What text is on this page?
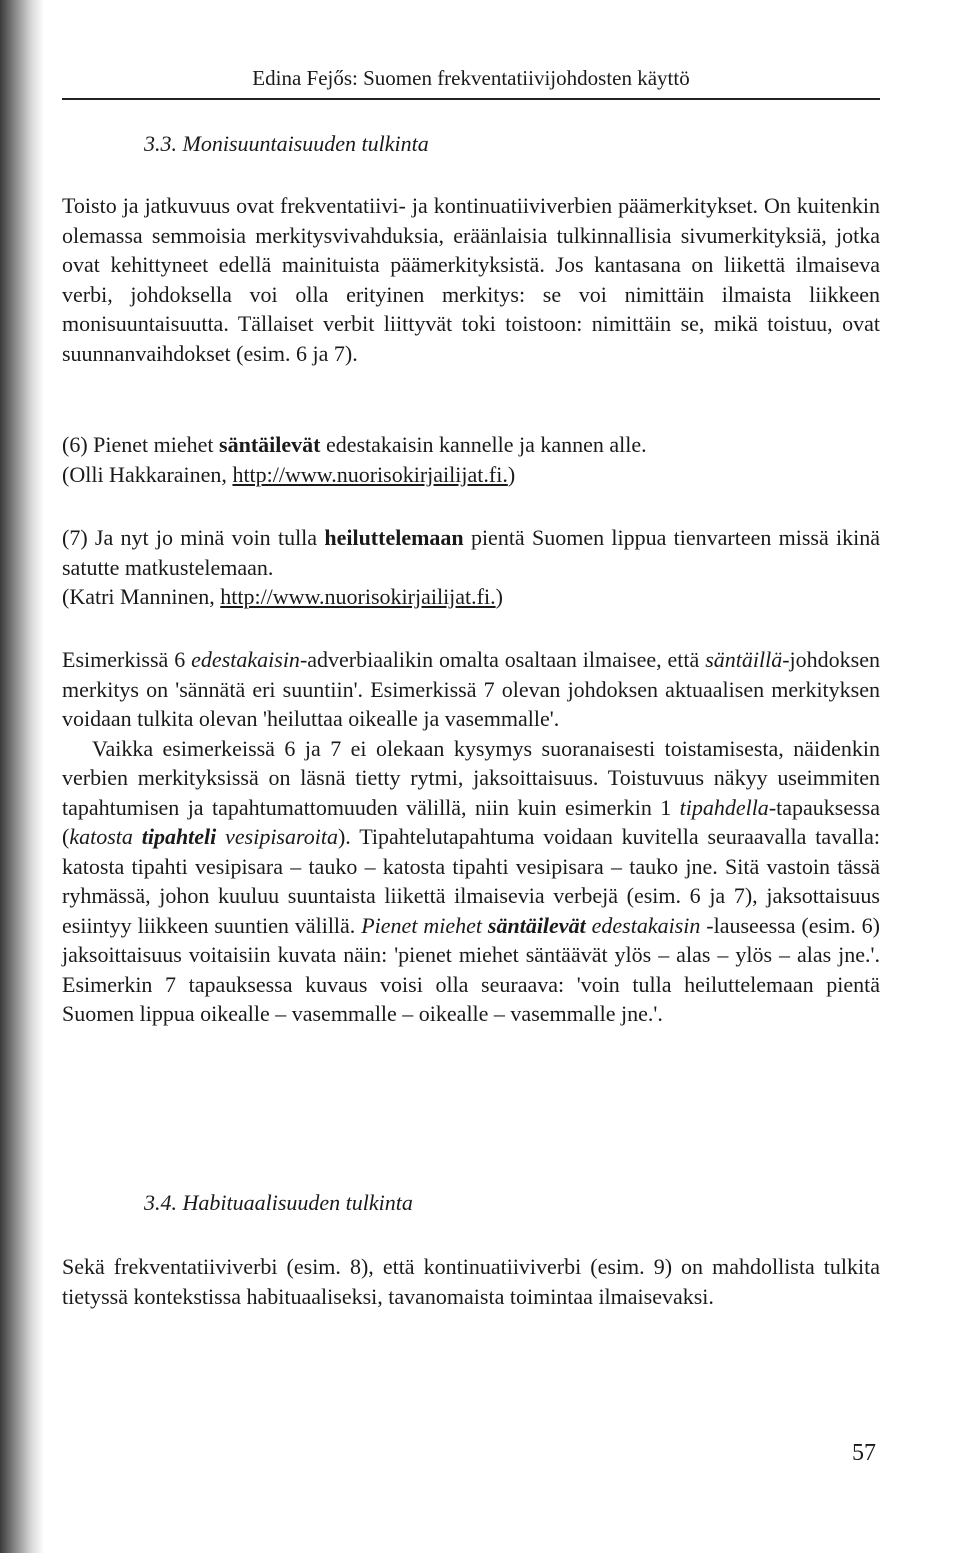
Edina Fejős: Suomen frekventatiivijohdosten käyttö
3.3. Monisuuntaisuuden tulkinta

Toisto ja jatkuvuus ovat frekventatiivi- ja kontinuatiiviverbien päämerkitykset. On kuitenkin olemassa semmoisia merkitysvivahduksia, eräänlaisia tulkinnallisia sivumerkityksiä, jotka ovat kehittyneet edellä mainituista päämerkityksistä. Jos kantasana on liikettä ilmaiseva verbi, johdoksella voi olla erityinen merkitys: se voi nimittäin ilmaista liikkeen monisuuntaisuutta. Tällaiset verbit liittyvät toki toistoon: nimittäin se, mikä toistuu, ovat suunnanvaihdokset (esim. 6 ja 7).

(6) Pienet miehet säntäilevät edestakaisin kannelle ja kannen alle.

(Olli Hakkarainen, http://www.nuorisokirjailijat.fi.)

(7) Ja nyt jo minä voin tulla heiluttelemaan pientä Suomen lippua tienvarteen missä ikinä satutte matkustelemaan.

(Katri Manninen, http://www.nuorisokirjailijat.fi.)

Esimerkissä 6 edestakaisin-adverbiaalikin omalta osaltaan ilmaisee, että säntäillä-johdoksen merkitys on 'sännätä eri suuntiin'. Esimerkissä 7 olevan johdoksen aktuaalisen merkityksen voidaan tulkita olevan 'heiluttaa oikealle ja vasemmalle'.

Vaikka esimerkeissä 6 ja 7 ei olekaan kysymys suoranaisesti toistamisesta, näidenkin verbien merkityksissä on läsnä tietty rytmi, jaksoittaisuus. Toistuvuus näkyy useimmiten tapahtumisen ja tapahtumattomuuden välillä, niin kuin esimerkin 1 tipahdella-tapauksessa (katosta tipahteli vesipisaroita). Tipahtelutapahtuma voidaan kuvitella seuraavalla tavalla: katosta tipahti vesipisara – tauko – katosta tipahti vesipisara – tauko jne. Sitä vastoin tässä ryhmässä, johon kuuluu suuntaista liikettä ilmaisevia verbejä (esim. 6 ja 7), jaksottaisuus esiintyy liikkeen suuntien välillä. Pienet miehet säntäilevät edestakaisin -lauseessa (esim. 6) jaksoittaisuus voitaisiin kuvata näin: 'pienet miehet säntäävät ylös – alas – ylös – alas jne.'. Esimerkin 7 tapauksessa kuvaus voisi olla seuraava: 'voin tulla heiluttelemaan pientä Suomen lippua oikealle – vasemmalle – oikealle – vasemmalle jne.'.

3.4. Habituaalisuuden tulkinta

Sekä frekventatiiviverbi (esim. 8), että kontinuatiiviverbi (esim. 9) on mahdollista tulkita tietyssä kontekstissa habituaaliseksi, tavanomaista toimintaa ilmaisevaksi.

57
